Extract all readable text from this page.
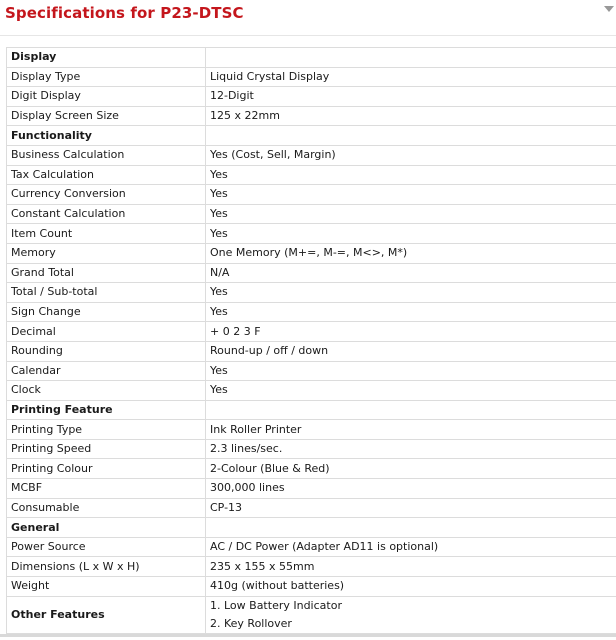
Specifications for P23-DTSC
Display	
Display Type	Liquid Crystal Display
Digit Display	12-Digit
Display Screen Size	125 x 22mm
Functionality	
Business Calculation	Yes (Cost, Sell, Margin)
Tax Calculation	Yes
Currency Conversion	Yes
Constant Calculation	Yes
Item Count	Yes
Memory	One Memory (M+=, M-=, M<>, M*)
Grand Total	N/A
Total / Sub-total	Yes
Sign Change	Yes
Decimal	+ 0 2 3 F
Rounding	Round-up / off / down
Calendar	Yes
Clock	Yes
Printing Feature	
Printing Type	Ink Roller Printer
Printing Speed	2.3 lines/sec.
Printing Colour	2-Colour (Blue & Red)
MCBF	300,000 lines
Consumable	CP-13
General	
Power Source	AC / DC Power (Adapter AD11 is optional)
Dimensions (L x W x H)	235 x 155 x 55mm
Weight	410g (without batteries)
Other Features	1. Low Battery Indicator
2. Key Rollover
